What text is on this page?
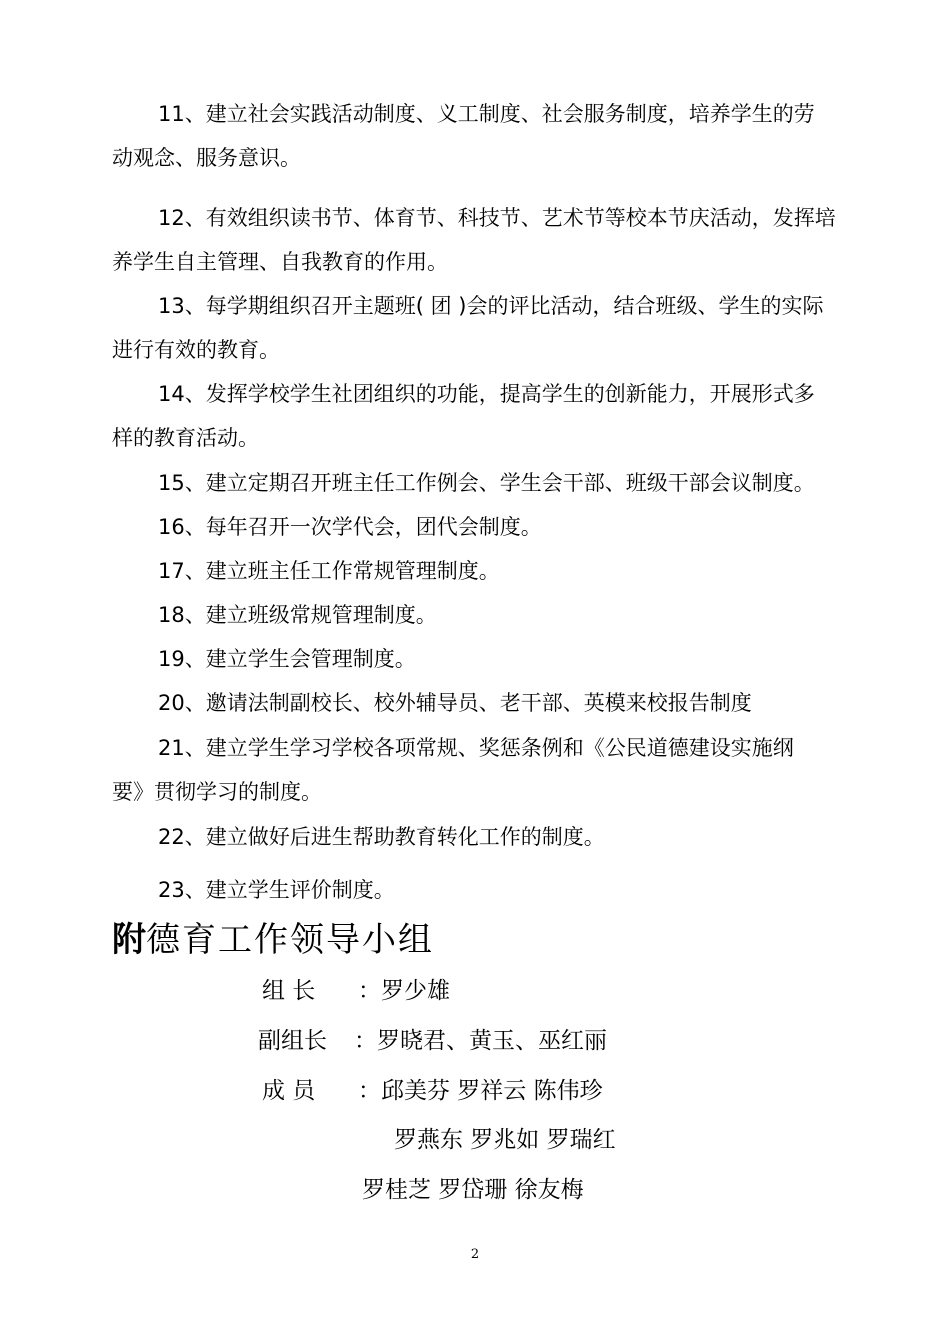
11、建立社会实践活动制度、义工制度、社会服务制度，培养学生的劳
动观念、服务意识。

12、有效组织读书节、体育节、科技节、艺术节等校本节庆活动，发挥培
养学生自主管理、自我教育的作用。

13、每学期组织召开主题班( 团 )会的评比活动，结合班级、学生的实际
进行有效的教育。

14、发挥学校学生社团组织的功能，提高学生的创新能力，开展形式多
样的教育活动。

15、建立定期召开班主任工作例会、学生会干部、班级干部会议制度。

16、每年召开一次学代会，团代会制度。

17、建立班主任工作常规管理制度。

18、建立班级常规管理制度。

19、建立学生会管理制度。

20、邀请法制副校长、校外辅导员、老干部、英模来校报告制度

21、建立学生学习学校各项常规、奖惩条例和《公民道德建设实施纲
要》贯彻学习的制度。

22、建立做好后进生帮助教育转化工作的制度。

23、建立学生评价制度。

附德育工作领导小组

组 长 ：罗少雄
副组长 ：罗晓君、黄玉、巫红丽
成 员 ：邱美芬 罗祥云 陈伟珍
罗燕东 罗兆如 罗瑞红
罗桂芝 罗岱珊 徐友梅
2
